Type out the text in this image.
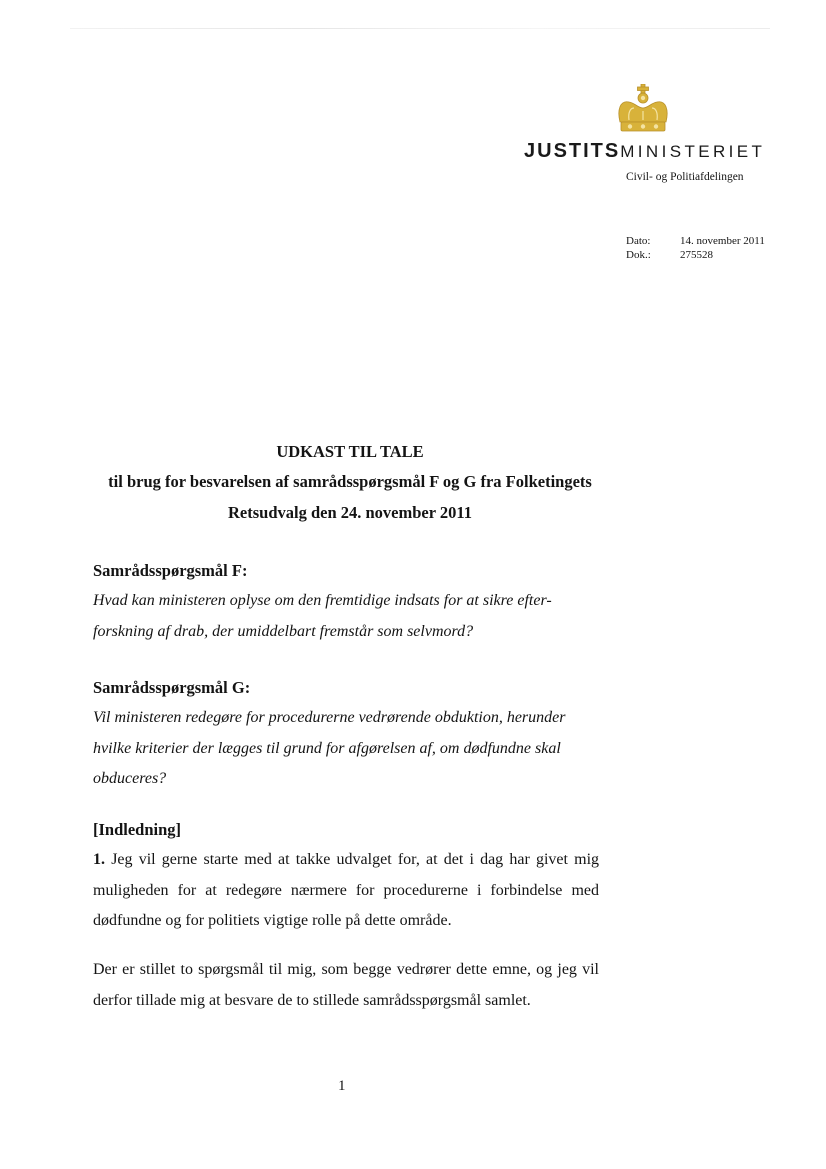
JUSTITSMINISTERIET
Civil- og Politiafdelingen
Dato:	14. november 2011
Dok.:	275528
UDKAST TIL TALE
til brug for besvarelsen af samrådsspørgsmål F og G fra Folketingets
Retsudvalg den 24. november 2011
Samrådsspørgsmål F:
Hvad kan ministeren oplyse om den fremtidige indsats for at sikre efter-
forskning af drab, der umiddelbart fremstår som selvmord?
Samrådsspørgsmål G:
Vil ministeren redegøre for procedurerne vedrørende obduktion, herunder
hvilke kriterier der lægges til grund for afgørelsen af, om dødfundne skal
obduceres?
[Indledning]
1. Jeg vil gerne starte med at takke udvalget for, at det i dag har givet mig muligheden for at redegøre nærmere for procedurerne i forbindelse med dødfundne og for politiets vigtige rolle på dette område.
Der er stillet to spørgsmål til mig, som begge vedrører dette emne, og jeg vil derfor tillade mig at besvare de to stillede samrådsspørgsmål samlet.
1
